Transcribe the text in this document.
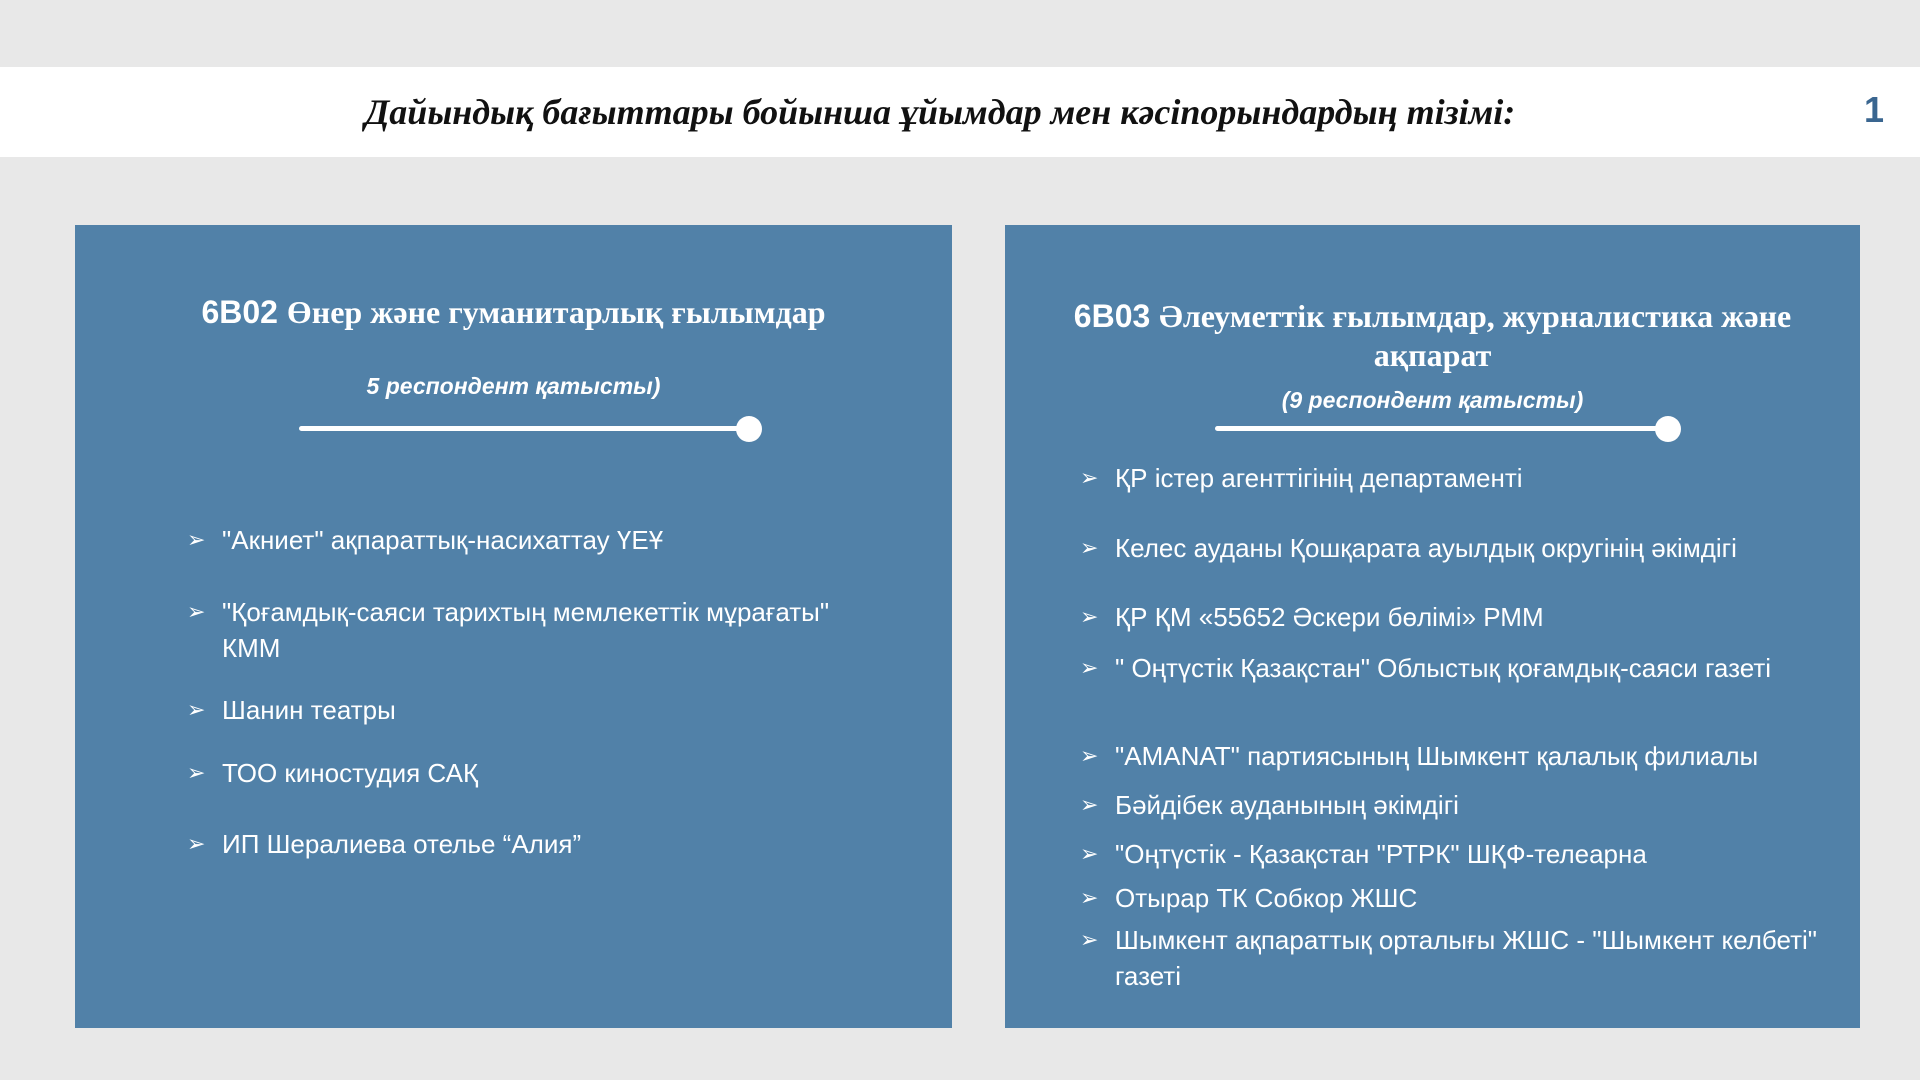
Дайындық бағыттары бойынша ұйымдар мен кәсіпорындардың тізімі:	1
6В02 Өнер және гуманитарлық ғылымдар
5 респондент қатысты)
➢ "Акниет" ақпараттық-насихаттау ҮЕҰ
➢ "Қоғамдық-саяси тарихтың мемлекеттік мұрағаты" КММ
➢ Шанин театры
➢ ТОО киностудия САҚ
➢ ИП Шералиева отелье “Алия”
6В03 Әлеуметтік ғылымдар, журналистика және ақпарат
(9 респондент қатысты)
➢ ҚР істер агенттігінің департаменті
➢ Келес ауданы Қошқарата ауылдық округінің әкімдігі
➢ ҚР ҚМ «55652 Әскери бөлімі» РММ
➢ " Оңтүстік Қазақстан" Облыстық қоғамдық-саяси газеті
➢ "AMANAT" партиясының Шымкент қалалық филиалы
➢ Бәйдібек ауданының әкімдігі
➢ "Оңтүстік - Қазақстан "РТРК" ШҚФ-телеарна
➢ Отырар ТК Собкор ЖШС
➢ Шымкент ақпараттық орталығы ЖШС - "Шымкент келбеті" газеті
